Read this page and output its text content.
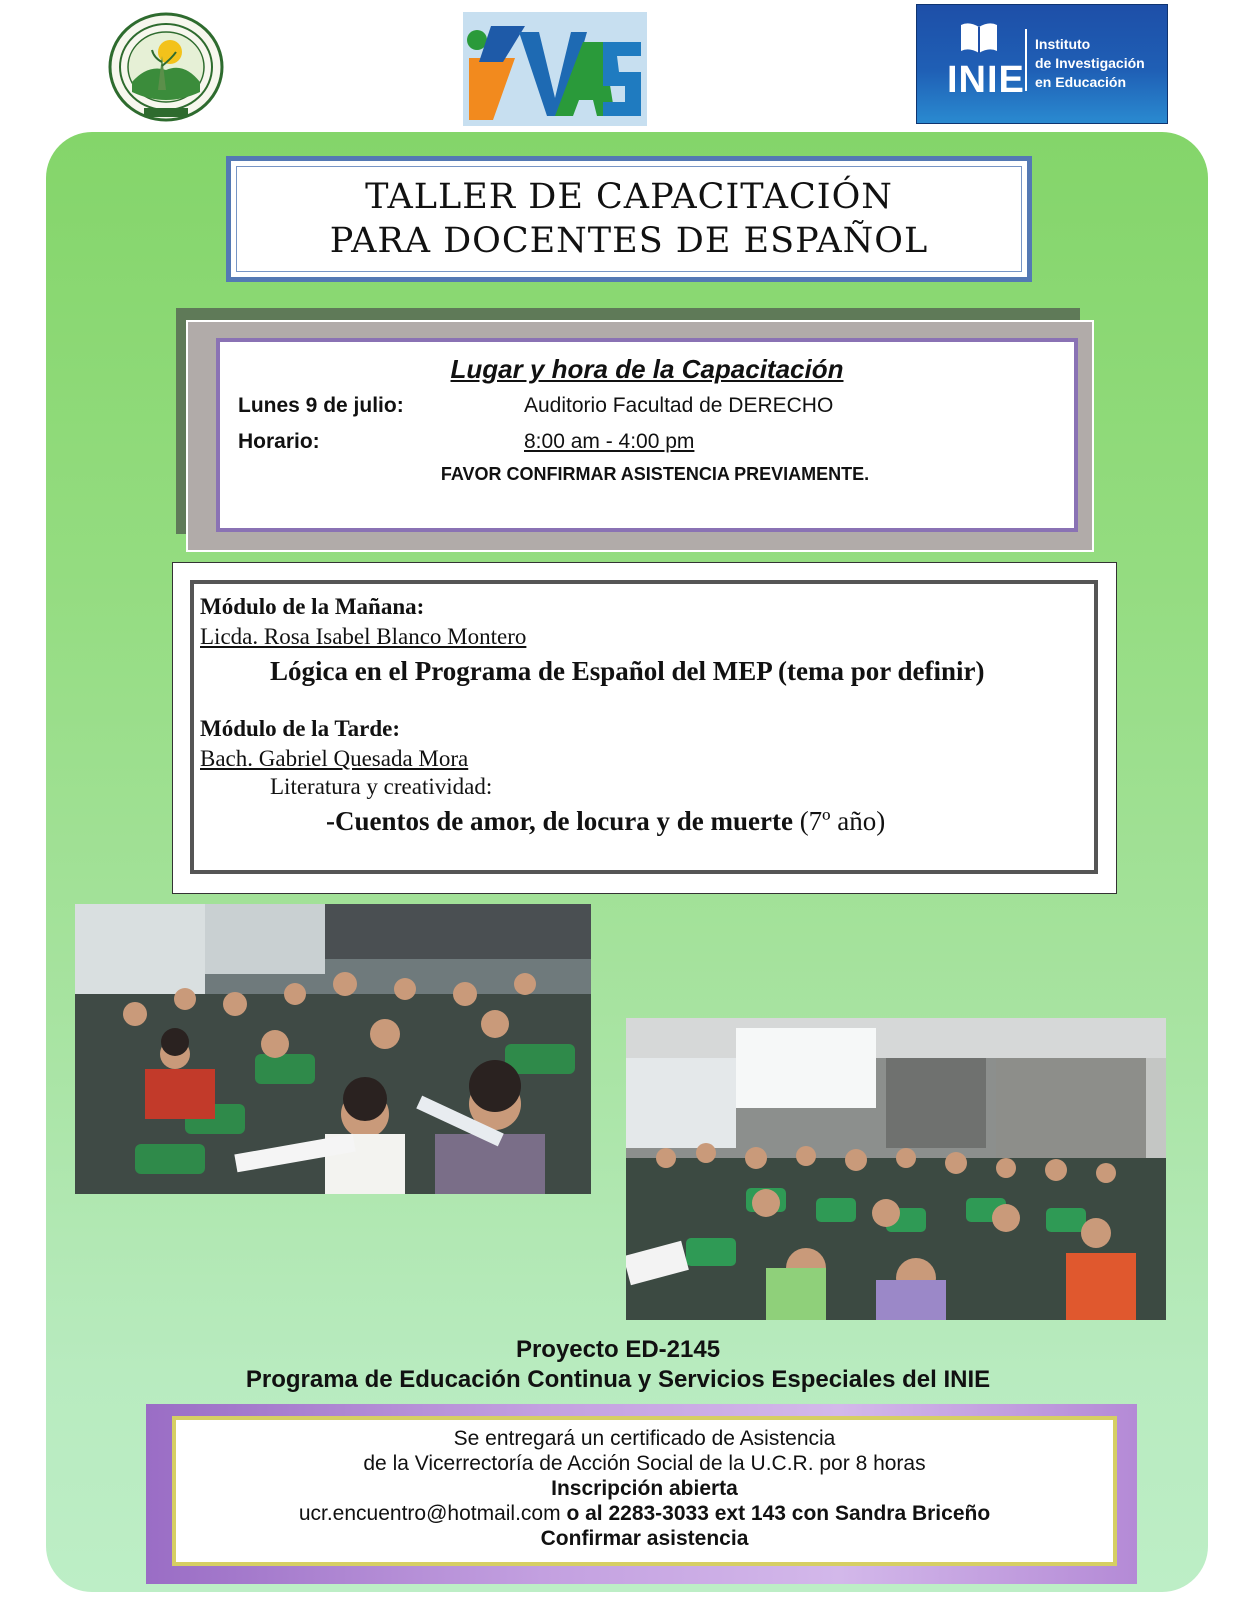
INIE
Instituto
de Investigación
en Educación
TALLER DE CAPACITACIÓN
PARA DOCENTES DE ESPAÑOL
Lugar y hora de la Capacitación
Lunes 9 de julio:	Auditorio Facultad de DERECHO
Horario:	8:00 am - 4:00 pm
FAVOR CONFIRMAR ASISTENCIA PREVIAMENTE.
Módulo de la Mañana:
Licda. Rosa Isabel Blanco Montero
Lógica en el Programa de Español del MEP (tema por definir)
Módulo de la Tarde:
Bach. Gabriel Quesada Mora
Literatura y creatividad:
-Cuentos de amor, de locura y de muerte (7º año)
Proyecto ED-2145
Programa de Educación Continua y Servicios Especiales del INIE
Se entregará un certificado de Asistencia
de la Vicerrectoría de Acción Social de la U.C.R. por 8 horas
Inscripción abierta
ucr.encuentro@hotmail.com o al 2283-3033 ext 143 con Sandra Briceño
Confirmar asistencia
